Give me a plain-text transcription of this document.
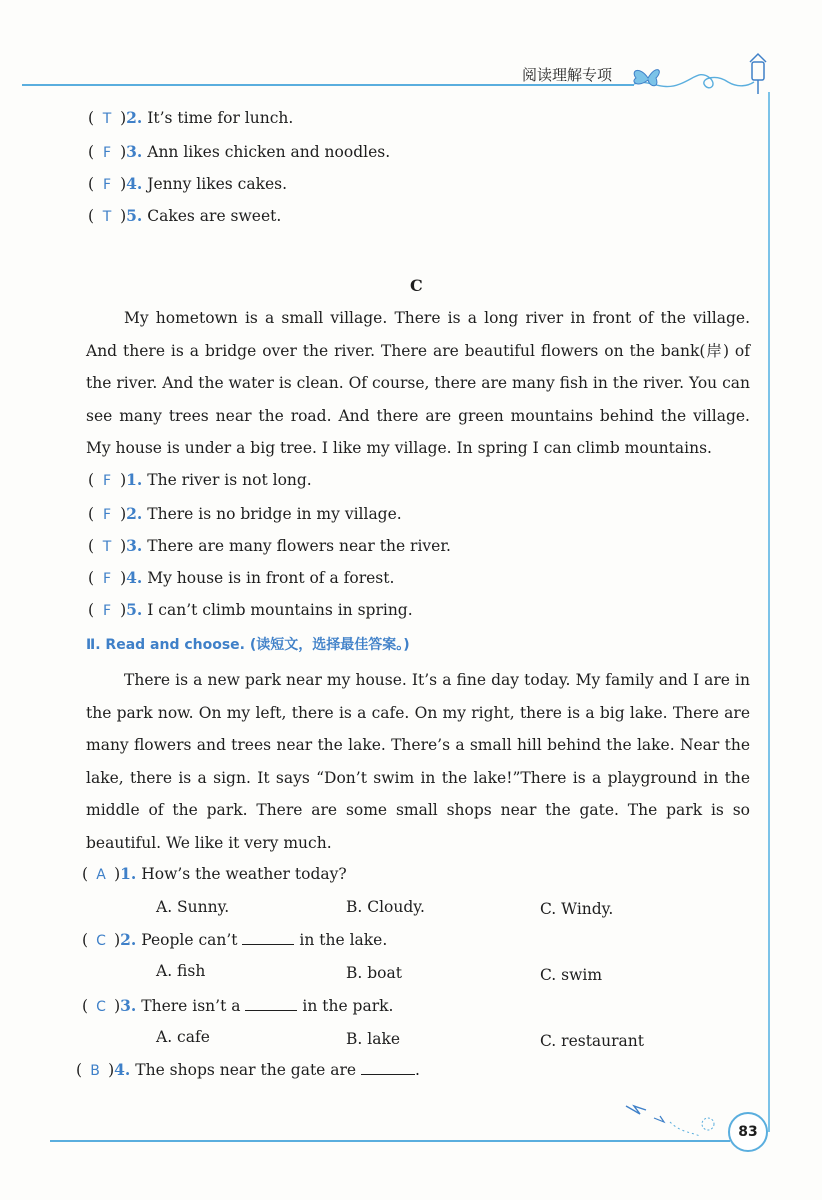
阅读理解专项
( T )2. It’s time for lunch.
( F )3. Ann likes chicken and noodles.
( F )4. Jenny likes cakes.
( T )5. Cakes are sweet.
C
My hometown is a small village. There is a long river in front of the village. And there is a bridge over the river. There are beautiful flowers on the bank(岸) of the river. And the water is clean. Of course, there are many fish in the river. You can see many trees near the road. And there are green mountains behind the village. My house is under a big tree. I like my village. In spring I can climb mountains.
( F )1. The river is not long.
( F )2. There is no bridge in my village.
( T )3. There are many flowers near the river.
( F )4. My house is in front of a forest.
( F )5. I can’t climb mountains in spring.
Ⅱ. Read and choose. (读短文，选择最佳答案。)
There is a new park near my house. It’s a fine day today. My family and I are in the park now. On my left, there is a cafe. On my right, there is a big lake. There are many flowers and trees near the lake. There’s a small hill behind the lake. Near the lake, there is a sign. It says “Don’t swim in the lake!”There is a playground in the middle of the park. There are some small shops near the gate. The park is so beautiful. We like it very much.
( A )1. How’s the weather today?
A. Sunny.	B. Cloudy.	C. Windy.
( C )2. People can’t	in the lake.
A. fish	B. boat	C. swim
( C )3. There isn’t a	in the park.
A. cafe	B. lake	C. restaurant
( B )4. The shops near the gate are	.
83
